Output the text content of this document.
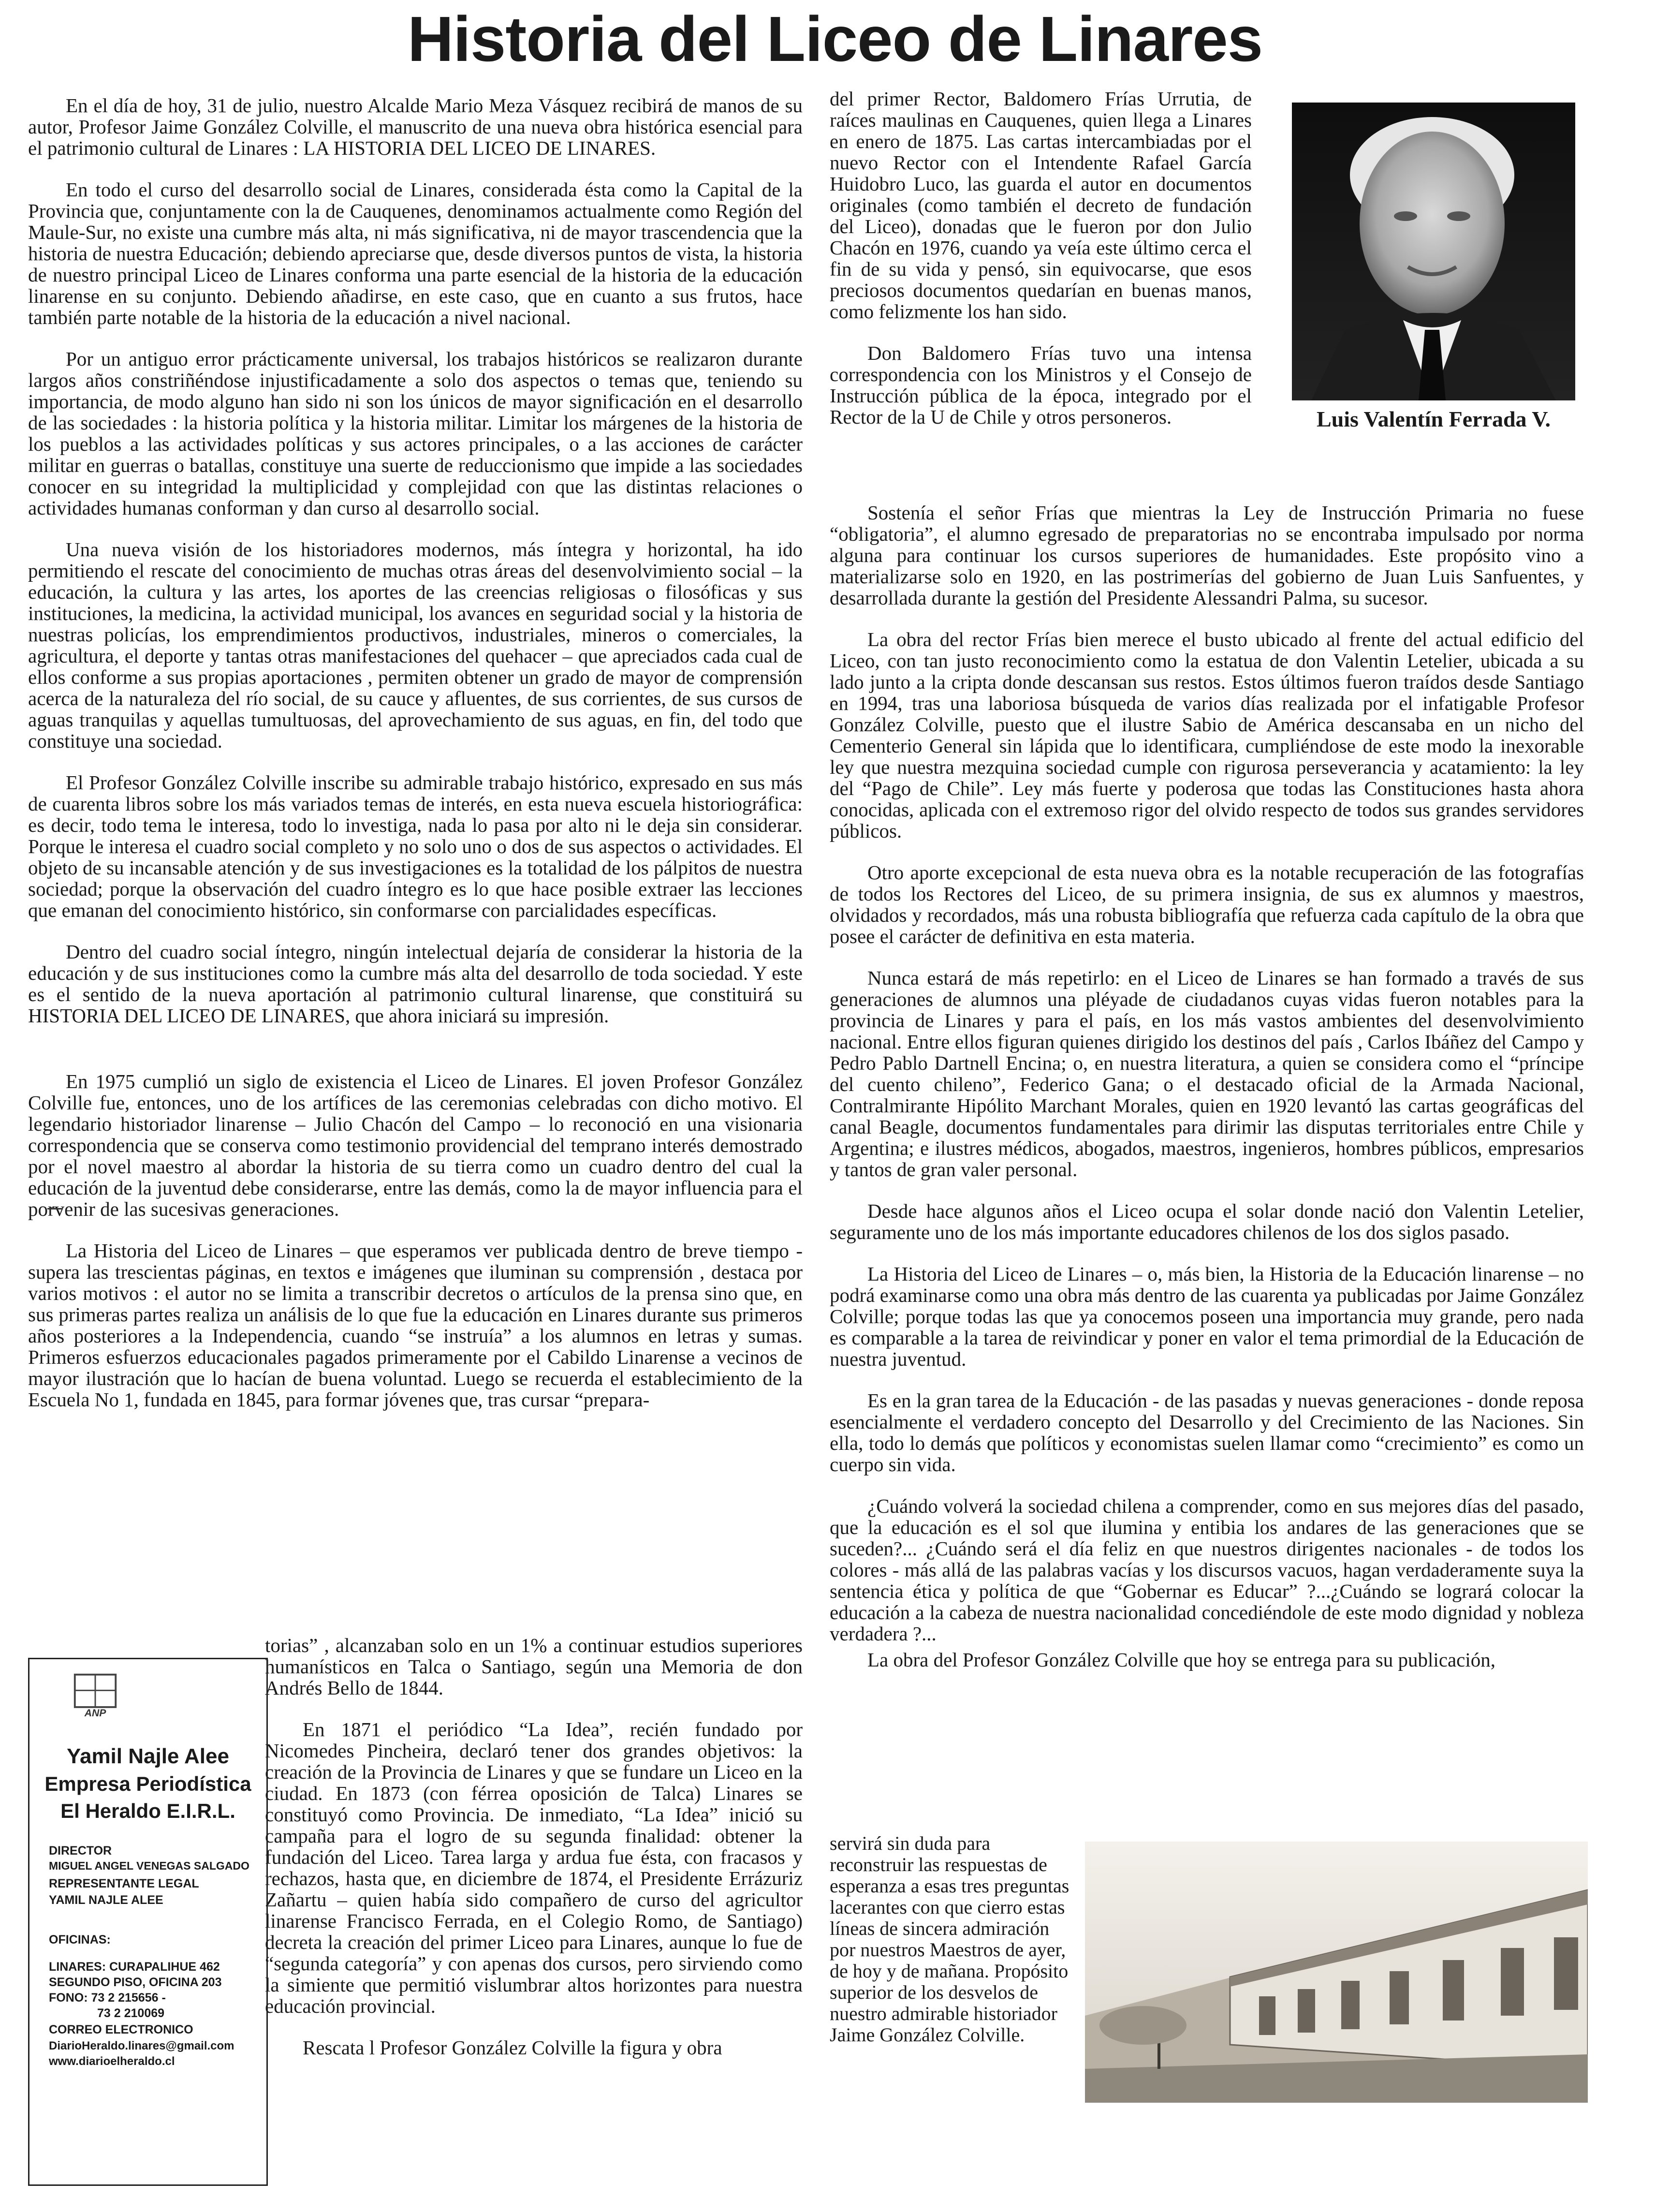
Historia del Liceo de Linares

En el día de hoy, 31 de julio, nuestro Alcalde Mario Meza Vásquez recibirá de manos de su autor, Profesor Jaime González Colville, el manuscrito de una nueva obra histórica esencial para el patrimonio cultural de Linares : LA HISTORIA DEL LICEO DE LINARES.

En todo el curso del desarrollo social de Linares, considerada ésta como la Capital de la Provincia que, conjuntamente con la de Cauquenes, denominamos actualmente como Región del Maule-Sur, no existe una cumbre más alta, ni más significativa, ni de mayor trascendencia que la historia de nuestra Educación; debiendo apreciarse que, desde diversos puntos de vista, la historia de nuestro principal Liceo de Linares conforma una parte esencial de la historia de la educación linarense en su conjunto. Debiendo añadirse, en este caso, que en cuanto a sus frutos, hace también parte notable de la historia de la educación a nivel nacional.

Por un antiguo error prácticamente universal, los trabajos históricos se realizaron durante largos años constriñéndose injustificadamente a solo dos aspectos o temas que, teniendo su importancia, de modo alguno han sido ni son los únicos de mayor significación en el desarrollo de las sociedades : la historia política y la historia militar. Limitar los márgenes de la historia de los pueblos a las actividades políticas y sus actores principales, o a las acciones de carácter militar en guerras o batallas, constituye una suerte de reduccionismo que impide a las sociedades conocer en su integridad la multiplicidad y complejidad con que las distintas relaciones o actividades humanas conforman y dan curso al desarrollo social.

Una nueva visión de los historiadores modernos, más íntegra y horizontal, ha ido permitiendo el rescate del conocimiento de muchas otras áreas del desenvolvimiento social – la educación, la cultura y las artes, los aportes de las creencias religiosas o filosóficas y sus instituciones, la medicina, la actividad municipal, los avances en seguridad social y la historia de nuestras policías, los emprendimientos productivos, industriales, mineros o comerciales, la agricultura, el deporte y tantas otras manifestaciones del quehacer – que apreciados cada cual de ellos conforme a sus propias aportaciones , permiten obtener un grado de mayor de comprensión acerca de la naturaleza del río social, de su cauce y afluentes, de sus corrientes, de sus cursos de aguas tranquilas y aquellas tumultuosas, del aprovechamiento de sus aguas, en fin, del todo que constituye una sociedad.

El Profesor González Colville inscribe su admirable trabajo histórico, expresado en sus más de cuarenta libros sobre los más variados temas de interés, en esta nueva escuela historiográfica: es decir, todo tema le interesa, todo lo investiga, nada lo pasa por alto ni le deja sin considerar. Porque le interesa el cuadro social completo y no solo uno o dos de sus aspectos o actividades. El objeto de su incansable atención y de sus investigaciones es la totalidad de los pálpitos de nuestra sociedad; porque la observación del cuadro íntegro es lo que hace posible extraer las lecciones que emanan del conocimiento histórico, sin conformarse con parcialidades específicas.

Dentro del cuadro social íntegro, ningún intelectual dejaría de considerar la historia de la educación y de sus instituciones como la cumbre más alta del desarrollo de toda sociedad. Y este es el sentido de la nueva aportación al patrimonio cultural linarense, que constituirá su HISTORIA DEL LICEO DE LINARES, que ahora iniciará su impresión.

En 1975 cumplió un siglo de existencia el Liceo de Linares. El joven Profesor González Colville fue, entonces, uno de los artífices de las ceremonias celebradas con dicho motivo. El legendario historiador linarense – Julio Chacón del Campo – lo reconoció en una visionaria correspondencia que se conserva como testimonio providencial del temprano interés demostrado por el novel maestro al abordar la historia de su tierra como un cuadro dentro del cual la educación de la juventud debe considerarse, entre las demás, como la de mayor influencia para el porvenir de las sucesivas generaciones.

La Historia del Liceo de Linares – que esperamos ver publicada dentro de breve tiempo - supera las trescientas páginas, en textos e imágenes que iluminan su comprensión , destaca por varios motivos : el autor no se limita a transcribir decretos o artículos de la prensa sino que, en sus primeras partes realiza un análisis de lo que fue la educación en Linares durante sus primeros años posteriores a la Independencia, cuando “se instruía” a los alumnos en letras y sumas. Primeros esfuerzos educacionales pagados primeramente por el Cabildo Linarense a vecinos de mayor ilustración que lo hacían de buena voluntad. Luego se recuerda el establecimiento de la Escuela No 1, fundada en 1845, para formar jóvenes que, tras cursar “prepara-

torias” , alcanzaban solo en un 1% a continuar estudios superiores humanísticos en Talca o Santiago, según una Memoria de don Andrés Bello de 1844.

En 1871 el periódico “La Idea”, recién fundado por Nicomedes Pincheira, declaró tener dos grandes objetivos: la creación de la Provincia de Linares y que se fundare un Liceo en la ciudad. En 1873 (con férrea oposición de Talca) Linares se constituyó como Provincia. De inmediato, “La Idea” inició su campaña para el logro de su segunda finalidad: obtener la fundación del Liceo. Tarea larga y ardua fue ésta, con fracasos y rechazos, hasta que, en diciembre de 1874, el Presidente Errázuriz Zañartu – quien había sido compañero de curso del agricultor linarense Francisco Ferrada, en el Colegio Romo, de Santiago) decreta la creación del primer Liceo para Linares, aunque lo fue de “segunda categoría” y con apenas dos cursos, pero sirviendo como la simiente que permitió vislumbrar altos horizontes para nuestra educación provincial.

Rescata l Profesor González Colville la figura y obra

ANP
Yamil Najle Alee
Empresa Periodística
El Heraldo E.I.R.L.
DIRECTOR
MIGUEL ANGEL VENEGAS SALGADO
REPRESENTANTE LEGAL
YAMIL NAJLE ALEE
OFICINAS:
LINARES: CURAPALIHUE 462
SEGUNDO PISO, OFICINA 203
FONO: 73 2 215656 -
73 2 210069
CORREO ELECTRONICO
DiarioHeraldo.linares@gmail.com
www.diarioelheraldo.cl

del primer Rector, Baldomero Frías Urrutia, de raíces maulinas en Cauquenes, quien llega a Linares en enero de 1875. Las cartas intercambiadas por el nuevo Rector con el Intendente Rafael García Huidobro Luco, las guarda el autor en documentos originales (como también el decreto de fundación del Liceo), donadas que le fueron por don Julio Chacón en 1976, cuando ya veía este último cerca el fin de su vida y pensó, sin equivocarse, que esos preciosos documentos quedarían en buenas manos, como felizmente los han sido.

Don Baldomero Frías tuvo una intensa correspondencia con los Ministros y el Consejo de Instrucción pública de la época, integrado por el Rector de la U de Chile y otros personeros.	Luis Valentín Ferrada V.

Sostenía el señor Frías que mientras la Ley de Instrucción Primaria no fuese “obligatoria”, el alumno egresado de preparatorias no se encontraba impulsado por norma alguna para continuar los cursos superiores de humanidades. Este propósito vino a materializarse solo en 1920, en las postrimerías del gobierno de Juan Luis Sanfuentes, y desarrollada durante la gestión del Presidente Alessandri Palma, su sucesor.

La obra del rector Frías bien merece el busto ubicado al frente del actual edificio del Liceo, con tan justo reconocimiento como la estatua de don Valentin Letelier, ubicada a su lado junto a la cripta donde descansan sus restos. Estos últimos fueron traídos desde Santiago en 1994, tras una laboriosa búsqueda de varios días realizada por el infatigable Profesor González Colville, puesto que el ilustre Sabio de América descansaba en un nicho del Cementerio General sin lápida que lo identificara, cumpliéndose de este modo la inexorable ley que nuestra mezquina sociedad cumple con rigurosa perseverancia y acatamiento: la ley del “Pago de Chile”. Ley más fuerte y poderosa que todas las Constituciones hasta ahora conocidas, aplicada con el extremoso rigor del olvido respecto de todos sus grandes servidores públicos.

Otro aporte excepcional de esta nueva obra es la notable recuperación de las fotografías de todos los Rectores del Liceo, de su primera insignia, de sus ex alumnos y maestros, olvidados y recordados, más una robusta bibliografía que refuerza cada capítulo de la obra que posee el carácter de definitiva en esta materia.

Nunca estará de más repetirlo: en el Liceo de Linares se han formado a través de sus generaciones de alumnos una pléyade de ciudadanos cuyas vidas fueron notables para la provincia de Linares y para el país, en los más vastos ambientes del desenvolvimiento nacional. Entre ellos figuran quienes dirigido los destinos del país , Carlos Ibáñez del Campo y Pedro Pablo Dartnell Encina; o, en nuestra literatura, a quien se considera como el “príncipe del cuento chileno”, Federico Gana; o el destacado oficial de la Armada Nacional, Contralmirante Hipólito Marchant Morales, quien en 1920 levantó las cartas geográficas del canal Beagle, documentos fundamentales para dirimir las disputas territoriales entre Chile y Argentina; e ilustres médicos, abogados, maestros, ingenieros, hombres públicos, empresarios y tantos de gran valer personal.

Desde hace algunos años el Liceo ocupa el solar donde nació don Valentin Letelier, seguramente uno de los más importante educadores chilenos de los dos siglos pasado.

La Historia del Liceo de Linares – o, más bien, la Historia de la Educación linarense – no podrá examinarse como una obra más dentro de las cuarenta ya publicadas por Jaime González Colville; porque todas las que ya conocemos poseen una importancia muy grande, pero nada es comparable a la tarea de reivindicar y poner en valor el tema primordial de la Educación de nuestra juventud.

Es en la gran tarea de la Educación - de las pasadas y nuevas generaciones - donde reposa esencialmente el verdadero concepto del Desarrollo y del Crecimiento de las Naciones. Sin ella, todo lo demás que políticos y economistas suelen llamar como “crecimiento” es como un cuerpo sin vida.

¿Cuándo volverá la sociedad chilena a comprender, como en sus mejores días del pasado, que la educación es el sol que ilumina y entibia los andares de las generaciones que se suceden?... ¿Cuándo será el día feliz en que nuestros dirigentes nacionales - de todos los colores - más allá de las palabras vacías y los discursos vacuos, hagan verdaderamente suya la sentencia ética y política de que “Gobernar es Educar” ?...¿Cuándo se logrará colocar la educación a la cabeza de nuestra nacionalidad concediéndole de este modo dignidad y nobleza verdadera ?...

La obra del Profesor González Colville que hoy se entrega para su publicación,

servirá sin duda para reconstruir las respuestas de esperanza a esas tres preguntas lacerantes con que cierro estas líneas de sincera admiración por nuestros Maestros de ayer, de hoy y de mañana. Propósito superior de los desvelos de nuestro admirable historiador Jaime González Colville.
